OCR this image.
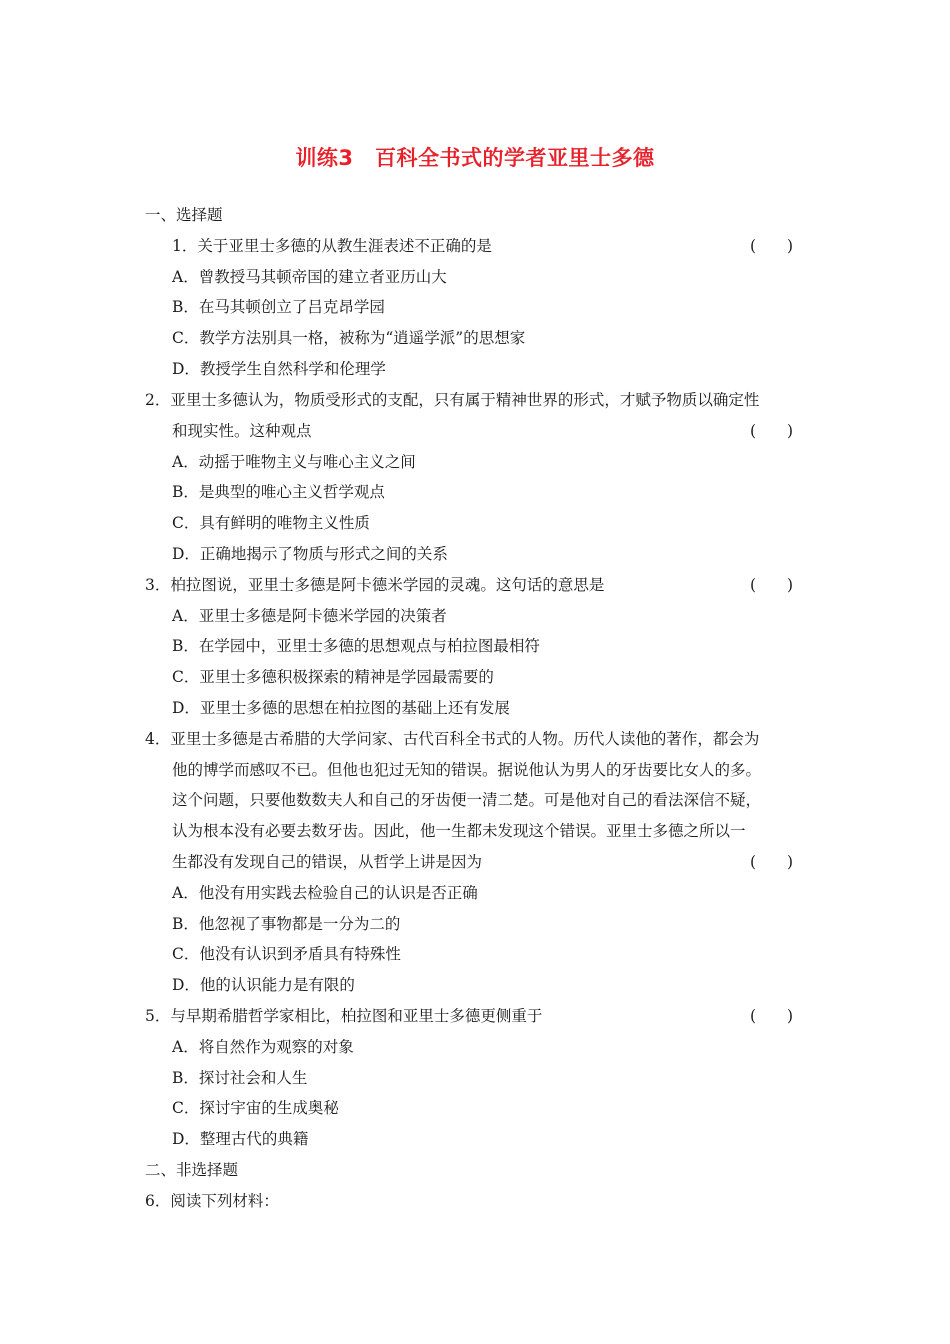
训练3　百科全书式的学者亚里士多德
一、选择题
1．关于亚里士多德的从教生涯表述不正确的是	(　　)
A．曾教授马其顿帝国的建立者亚历山大
B．在马其顿创立了吕克昂学园
C．教学方法别具一格，被称为“逍遥学派”的思想家
D．教授学生自然科学和伦理学
2．亚里士多德认为，物质受形式的支配，只有属于精神世界的形式，才赋予物质以确定性
和现实性。这种观点	(　　)
A．动摇于唯物主义与唯心主义之间
B．是典型的唯心主义哲学观点
C．具有鲜明的唯物主义性质
D．正确地揭示了物质与形式之间的关系
3．柏拉图说，亚里士多德是阿卡德米学园的灵魂。这句话的意思是	(　　)
A．亚里士多德是阿卡德米学园的决策者
B．在学园中，亚里士多德的思想观点与柏拉图最相符
C．亚里士多德积极探索的精神是学园最需要的
D．亚里士多德的思想在柏拉图的基础上还有发展
4．亚里士多德是古希腊的大学问家、古代百科全书式的人物。历代人读他的著作，都会为
他的博学而感叹不已。但他也犯过无知的错误。据说他认为男人的牙齿要比女人的多。
这个问题，只要他数数夫人和自己的牙齿便一清二楚。可是他对自己的看法深信不疑，
认为根本没有必要去数牙齿。因此，他一生都未发现这个错误。亚里士多德之所以一
生都没有发现自己的错误，从哲学上讲是因为	(　　)
A．他没有用实践去检验自己的认识是否正确
B．他忽视了事物都是一分为二的
C．他没有认识到矛盾具有特殊性
D．他的认识能力是有限的
5．与早期希腊哲学家相比，柏拉图和亚里士多德更侧重于	(　　)
A．将自然作为观察的对象
B．探讨社会和人生
C．探讨宇宙的生成奥秘
D．整理古代的典籍
二、非选择题
6．阅读下列材料：
